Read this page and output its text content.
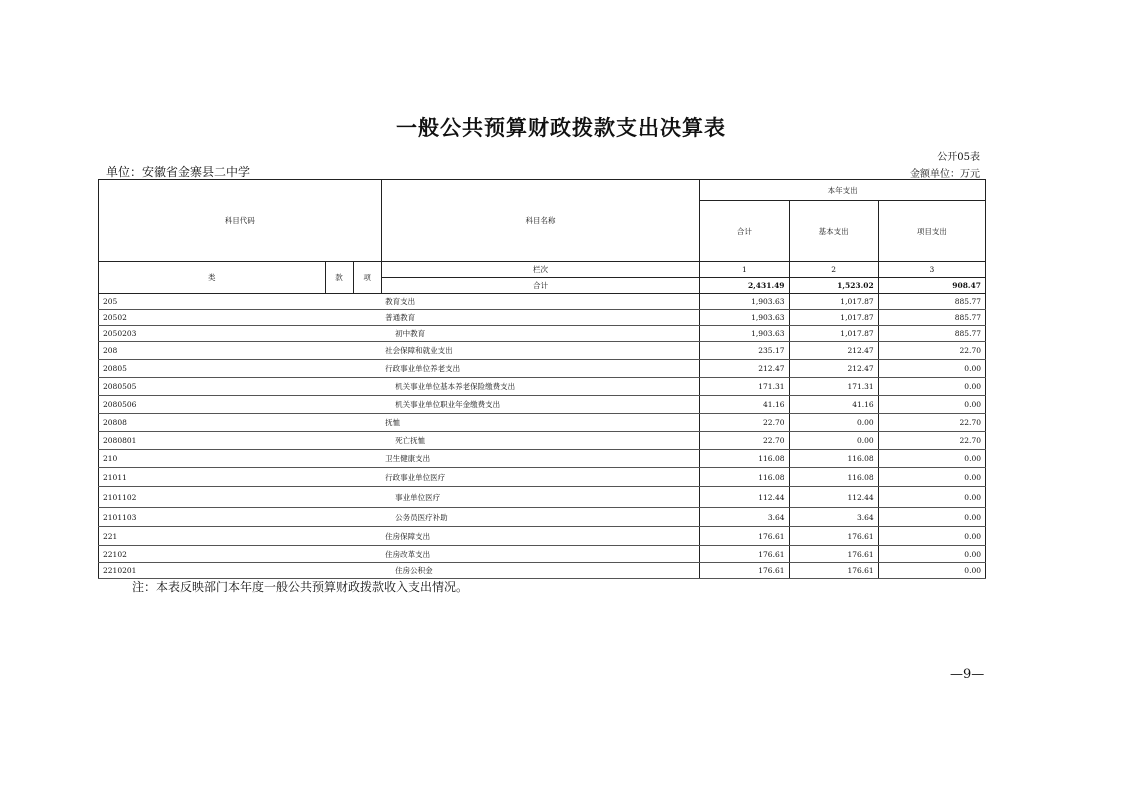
一般公共预算财政拨款支出决算表
公开05表
单位：安徽省金寨县二中学	金额单位：万元
科目代码			科目名称	本年支出		
				合计	基本支出	项目支出
类	款	项	栏次	1	2	3
			合计	2,431.49	1,523.02	908.47
205			教育支出	1,903.63	1,017.87	885.77
20502			普通教育	1,903.63	1,017.87	885.77
2050203			初中教育	1,903.63	1,017.87	885.77
208			社会保障和就业支出	235.17	212.47	22.70
20805			行政事业单位养老支出	212.47	212.47	0.00
2080505			机关事业单位基本养老保险缴费支出	171.31	171.31	0.00
2080506			机关事业单位职业年金缴费支出	41.16	41.16	0.00
20808			抚恤	22.70	0.00	22.70
2080801			死亡抚恤	22.70	0.00	22.70
210			卫生健康支出	116.08	116.08	0.00
21011			行政事业单位医疗	116.08	116.08	0.00
2101102			事业单位医疗	112.44	112.44	0.00
2101103			公务员医疗补助	3.64	3.64	0.00
221			住房保障支出	176.61	176.61	0.00
22102			住房改革支出	176.61	176.61	0.00
2210201			住房公积金	176.61	176.61	0.00
注：本表反映部门本年度一般公共预算财政拨款收入支出情况。
—9—
